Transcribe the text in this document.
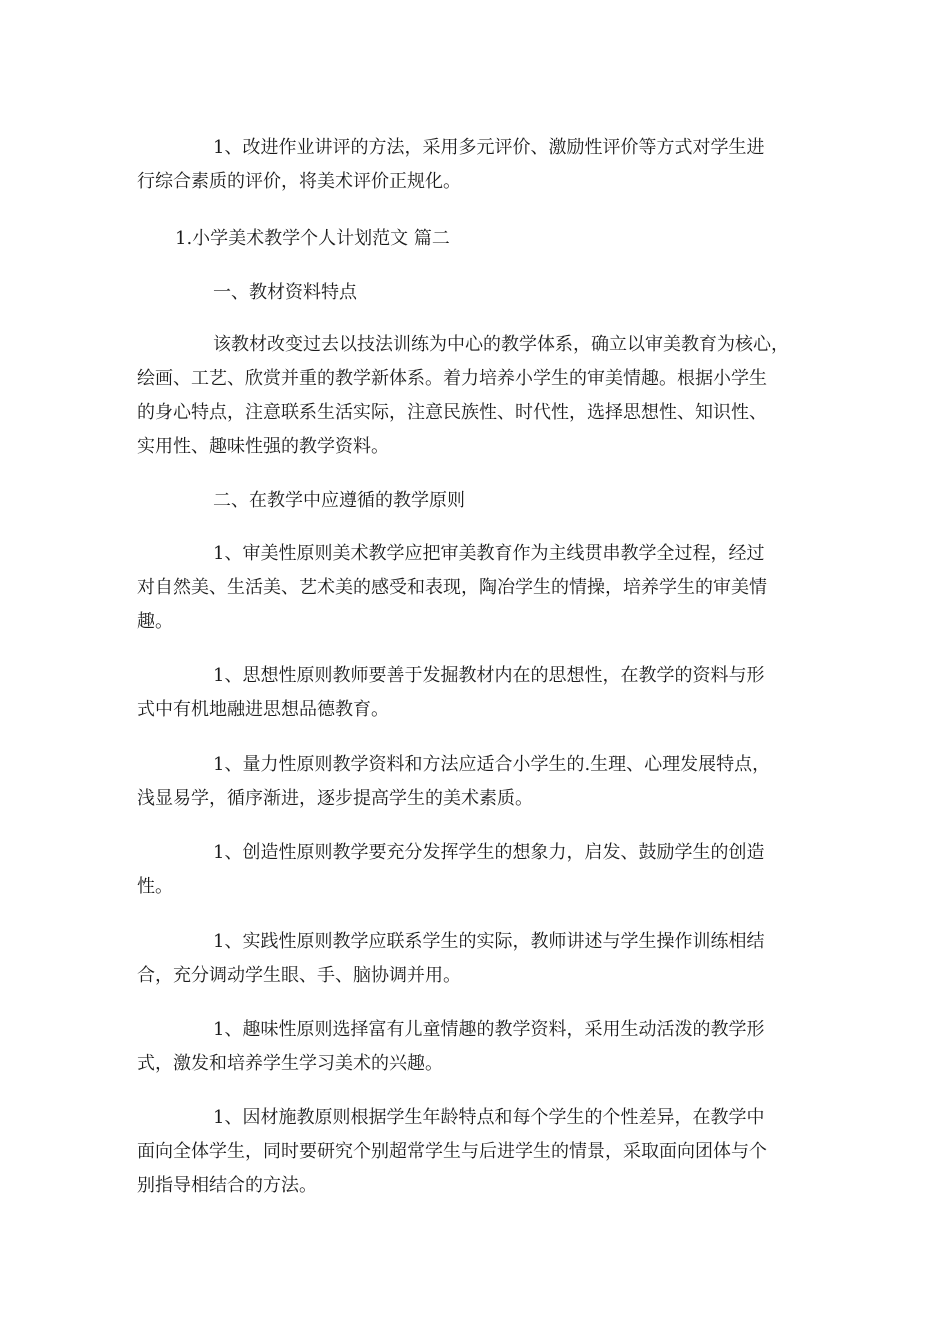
1、改进作业讲评的方法，采用多元评价、激励性评价等方式对学生进
行综合素质的评价，将美术评价正规化。
1.小学美术教学个人计划范文 篇二
一、教材资料特点
该教材改变过去以技法训练为中心的教学体系，确立以审美教育为核心，
绘画、工艺、欣赏并重的教学新体系。着力培养小学生的审美情趣。根据小学生
的身心特点，注意联系生活实际，注意民族性、时代性，选择思想性、知识性、
实用性、趣味性强的教学资料。
二、在教学中应遵循的教学原则
1、审美性原则美术教学应把审美教育作为主线贯串教学全过程，经过
对自然美、生活美、艺术美的感受和表现，陶冶学生的情操，培养学生的审美情
趣。
1、思想性原则教师要善于发掘教材内在的思想性，在教学的资料与形
式中有机地融进思想品德教育。
1、量力性原则教学资料和方法应适合小学生的.生理、心理发展特点，
浅显易学，循序渐进，逐步提高学生的美术素质。
1、创造性原则教学要充分发挥学生的想象力，启发、鼓励学生的创造
性。
1、实践性原则教学应联系学生的实际，教师讲述与学生操作训练相结
合，充分调动学生眼、手、脑协调并用。
1、趣味性原则选择富有儿童情趣的教学资料，采用生动活泼的教学形
式，激发和培养学生学习美术的兴趣。
1、因材施教原则根据学生年龄特点和每个学生的个性差异，在教学中
面向全体学生，同时要研究个别超常学生与后进学生的情景，采取面向团体与个
别指导相结合的方法。
